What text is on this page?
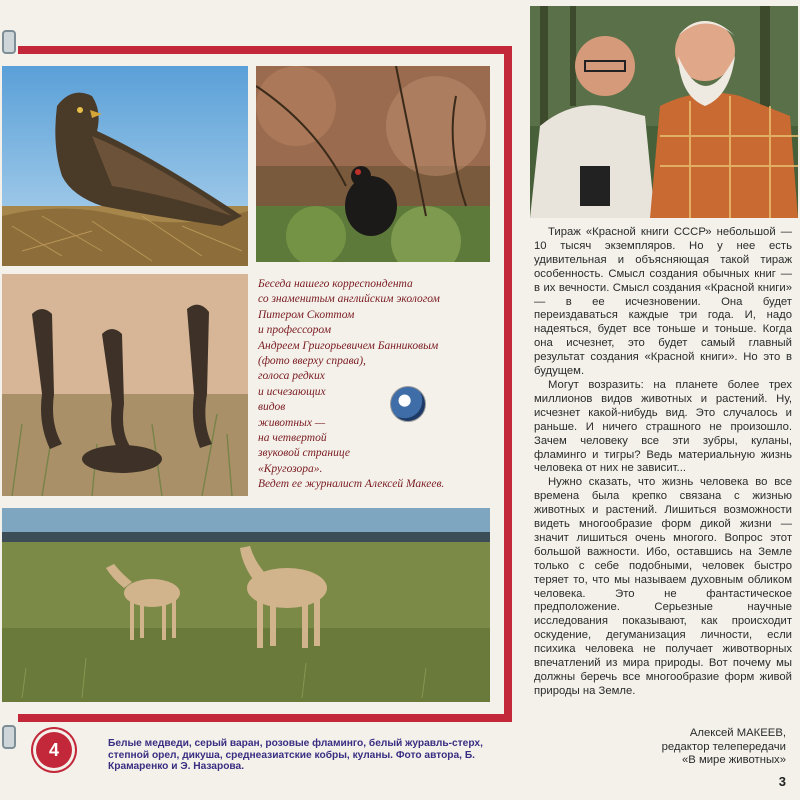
Беседа нашего корреспондента
со знаменитым английским экологом
Питером Скоттом
и профессором
Андреем Григорьевичем Банниковым
(фото вверху справа),
голоса редких
и исчезающих
видов
животных —
на четвертой
звуковой странице
«Кругозора».
Ведет ее журналист Алексей Макеев.

Тираж «Красной книги СССР» небольшой — 10 тысяч экземпляров. Но у нее есть удивительная и объясняющая такой тираж особенность. Смысл создания обычных книг — в их вечности. Смысл создания «Красной книги» — в ее исчезновении. Она будет переиздаваться каждые три года. И, надо надеяться, будет все тоньше и тоньше. Когда она исчезнет, это будет самый главный результат создания «Красной книги». Но это в будущем.

Могут возразить: на планете более трех миллионов видов животных и растений. Ну, исчезнет какой-нибудь вид. Это случалось и раньше. И ничего страшного не произошло. Зачем человеку все эти зубры, куланы, фламинго и тигры? Ведь материальную жизнь человека от них не зависит...

Нужно сказать, что жизнь человека во все времена была крепко связана с жизнью животных и растений. Лишиться возможности видеть многообразие форм дикой жизни — значит лишиться очень многого. Вопрос этот большой важности. Ибо, оставшись на Земле только с себе подобными, человек быстро теряет то, что мы называем духовным обликом человека. Это не фантастическое предположение. Серьезные научные исследования показывают, как происходит оскудение, дегуманизация личности, если психика человека не получает животворных впечатлений из мира природы. Вот почему мы должны беречь все многообразие форм живой природы на Земле.

Алексей МАКЕЕВ,
редактор телепередачи
«В мире животных»
4	Белые медведи, серый варан, розовые фламинго, белый журавль-стерх, степной орел, дикуша, среднеазиатские кобры, куланы. Фото автора, Б. Крамаренко и Э. Назарова.
3
